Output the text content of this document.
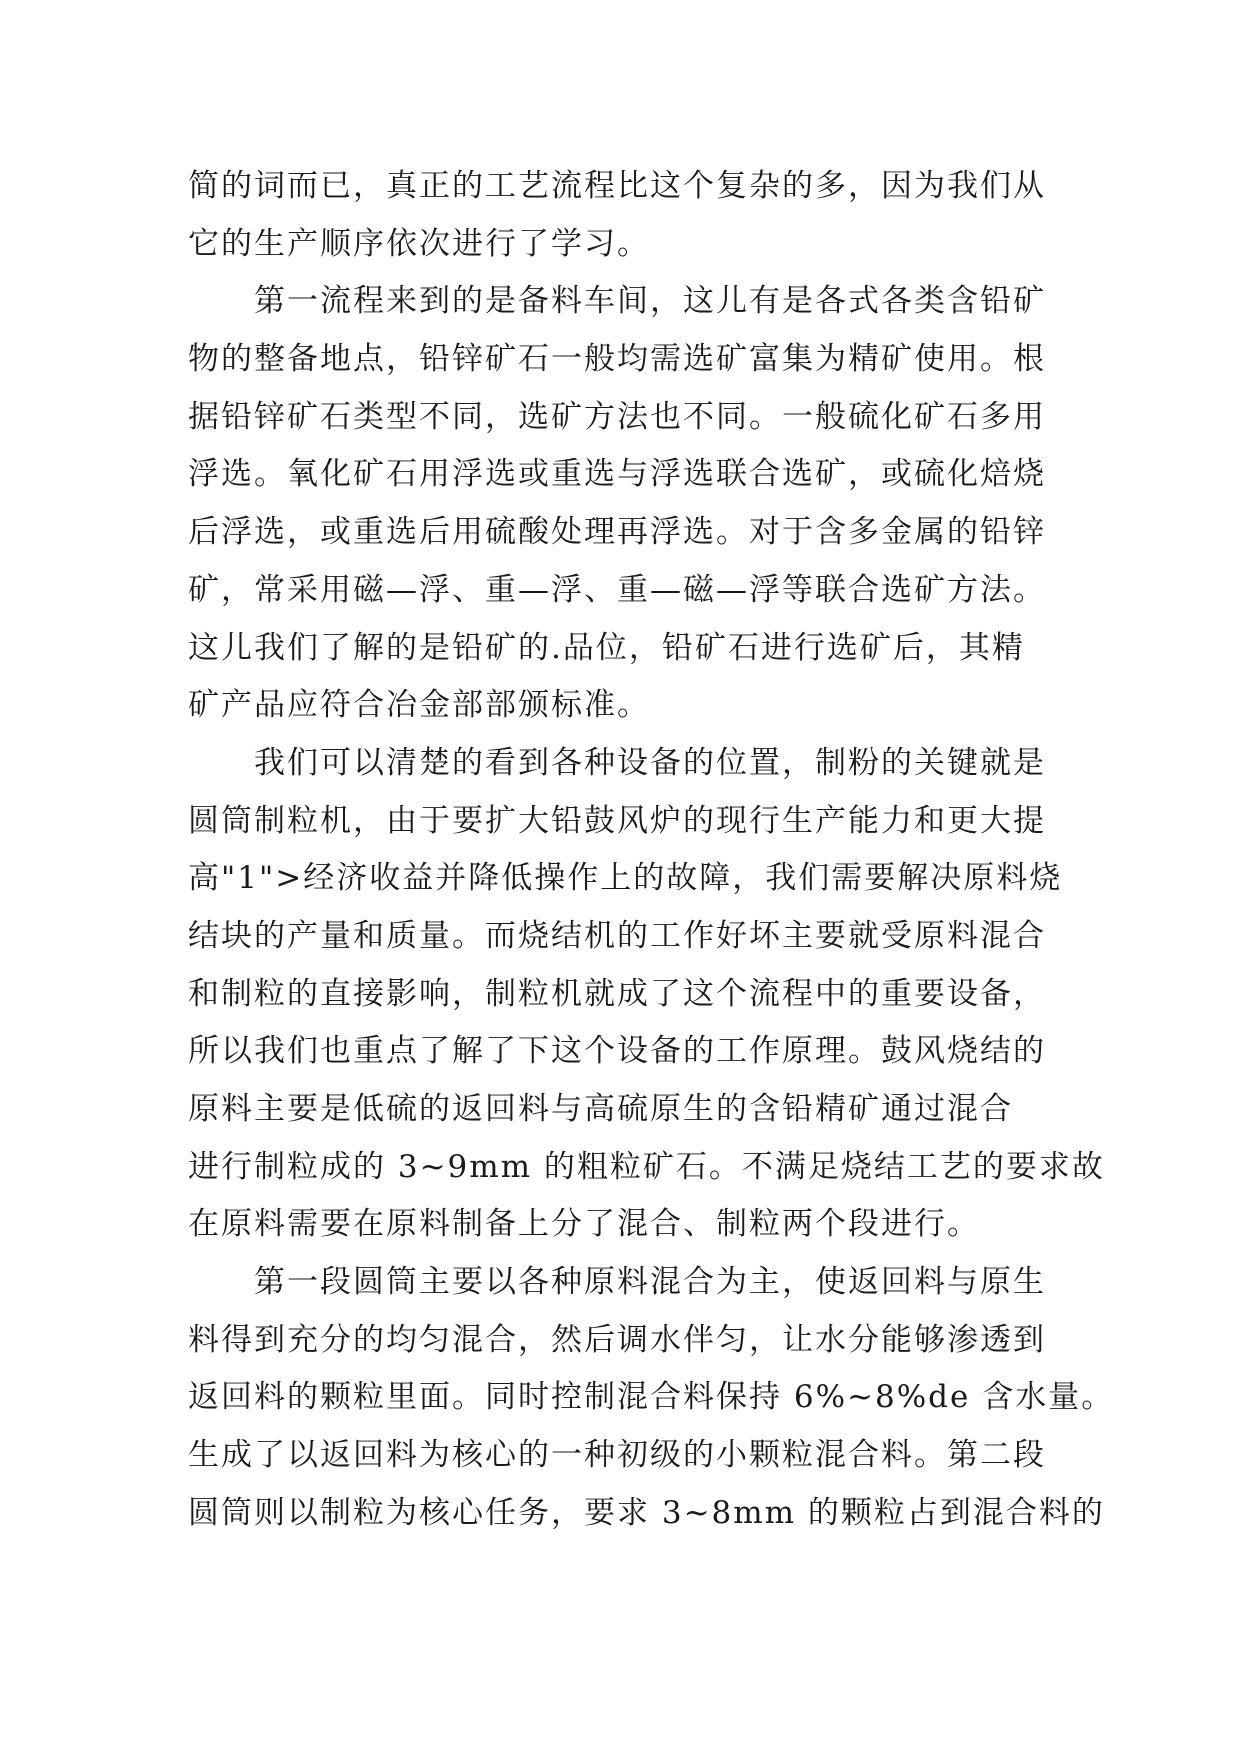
简的词而已，真正的工艺流程比这个复杂的多，因为我们从
它的生产顺序依次进行了学习。
　　第一流程来到的是备料车间，这儿有是各式各类含铅矿
物的整备地点，铅锌矿石一般均需选矿富集为精矿使用。根
据铅锌矿石类型不同，选矿方法也不同。一般硫化矿石多用
浮选。氧化矿石用浮选或重选与浮选联合选矿，或硫化焙烧
后浮选，或重选后用硫酸处理再浮选。对于含多金属的铅锌
矿，常采用磁—浮、重—浮、重—磁—浮等联合选矿方法。
这儿我们了解的是铅矿的.品位，铅矿石进行选矿后，其精
矿产品应符合冶金部部颁标准。
　　我们可以清楚的看到各种设备的位置，制粉的关键就是
圆筒制粒机，由于要扩大铅鼓风炉的现行生产能力和更大提
高"1">经济收益并降低操作上的故障，我们需要解决原料烧
结块的产量和质量。而烧结机的工作好坏主要就受原料混合
和制粒的直接影响，制粒机就成了这个流程中的重要设备，
所以我们也重点了解了下这个设备的工作原理。鼓风烧结的
原料主要是低硫的返回料与高硫原生的含铅精矿通过混合
进行制粒成的 3~9mm 的粗粒矿石。不满足烧结工艺的要求故
在原料需要在原料制备上分了混合、制粒两个段进行。
　　第一段圆筒主要以各种原料混合为主，使返回料与原生
料得到充分的均匀混合，然后调水伴匀，让水分能够渗透到
返回料的颗粒里面。同时控制混合料保持 6%~8%de 含水量。
生成了以返回料为核心的一种初级的小颗粒混合料。第二段
圆筒则以制粒为核心任务，要求 3~8mm 的颗粒占到混合料的
